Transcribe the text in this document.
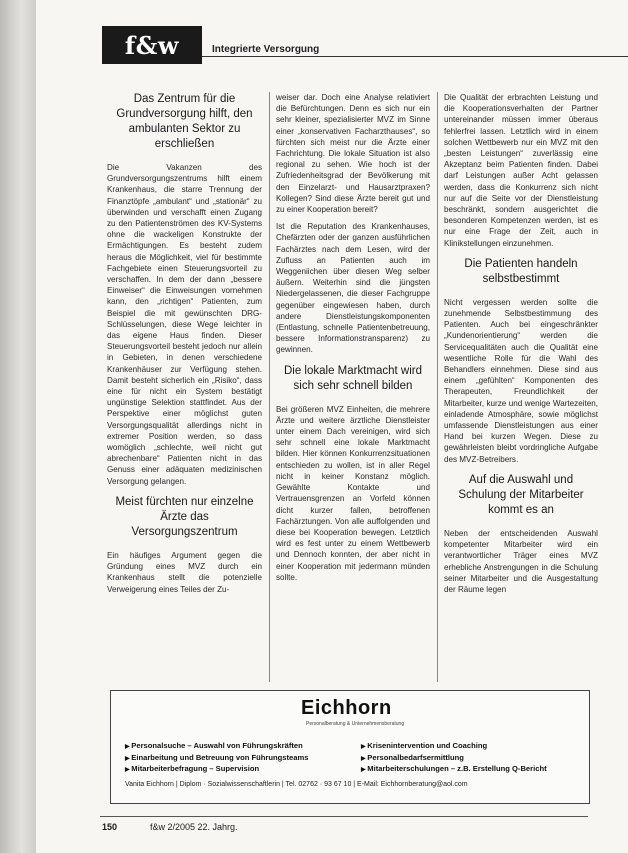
f&w	Integrierte Versorgung
Das Zentrum für die Grundversorgung hilft, den ambulanten Sektor zu erschließen

Die Vakanzen des Grundversorgungszentrums hilft einem Krankenhaus, die starre Trennung der Finanztöpfe „ambulant“ und „stationär“ zu überwinden und verschafft einen Zugang zu den Patientenströmen des KV-Systems ohne die wackeligen Konstrukte der Ermächtigungen. Es besteht zudem heraus die Möglichkeit, viel für bestimmte Fachgebiete einen Steuerungsvorteil zu verschaffen. In dem der dann „bessere Einweiser“ die Einweisungen vornehmen kann, den „richtigen“ Patienten, zum Beispiel die mit gewünschten DRG-Schlüsselungen, diese Wege leichter in das eigene Haus finden. Dieser Steuerungsvorteil besteht jedoch nur allein in Gebieten, in denen verschiedene Krankenhäuser zur Verfügung stehen. Damit besteht sicherlich ein „Risiko“, dass eine für nicht ein System bestätigt ungünstige Selektion stattfindet. Aus der Perspektive einer möglichst guten Versorgungsqualität allerdings nicht in extremer Position werden, so dass womöglich „schlechte, weil nicht gut abrechenbare“ Patienten nicht in das Genuss einer adäquaten medizinischen Versorgung gelangen.

Meist fürchten nur einzelne Ärzte das Versorgungszentrum

Ein häufiges Argument gegen die Gründung eines MVZ durch ein Krankenhaus stellt die potenzielle Verweigerung eines Teiles der Zu-

weiser dar. Doch eine Analyse relativiert die Befürchtungen. Denn es sich nur ein sehr kleiner, spezialisierter MVZ im Sinne einer „konservativen Facharzthauses“, so fürchten sich meist nur die Ärzte einer Fachrichtung. Die lokale Situation ist also regional zu sehen. Wie hoch ist der Zufriedenheitsgrad der Bevölkerung mit den Einzelarzt- und Hausarztpraxen? Kollegen? Sind diese Ärzte bereit gut und zu einer Kooperation bereit?

Ist die Reputation des Krankenhauses, Chefärzten oder der ganzen ausführlichen Fachärztes nach dem Lesen, wird der Zufluss an Patienten auch im Weggeniichen über diesen Weg selber äußern. Weiterhin sind die jüngsten Niedergelassenen, die dieser Fachgruppe gegenüber eingewiesen haben, durch andere Dienstleistungskomponenten (Entlastung, schnelle Patientenbetreuung, bessere Informationstransparenz) zu gewinnen.

Die lokale Marktmacht wird sich sehr schnell bilden

Bei größeren MVZ Einheiten, die mehrere Ärzte und weitere ärztliche Dienstleister unter einem Dach vereinigen, wird sich sehr schnell eine lokale Marktmacht bilden. Hier können Konkurrenzsituationen entschieden zu wollen, ist in aller Regel nicht in keiner Konstanz möglich. Gewählte Kontakte und Vertrauensgrenzen an Vorfeld können dicht kurzer fallen, betroffenen Fachärztungen. Von alle auffolgenden und diese bei Kooperation bewegen. Letztlich wird es fest unter zu einem Wettbewerb und Dennoch konnten, der aber nicht in einer Kooperation mit jedermann münden sollte.

Die Qualität der erbrachten Leistung und die Kooperationsverhalten der Partner untereinander müssen immer überaus fehlerfrei lassen. Letztlich wird in einem solchen Wettbewerb nur ein MVZ mit den „besten Leistungen“ zuverlässig eine Akzeptanz beim Patienten finden. Dabei darf Leistungen außer Acht gelassen werden, dass die Konkurrenz sich nicht nur auf die Seite vor der Dienstleistung beschränkt, sondern ausgerichtet die besonderen Kompetenzen werden, ist es nur eine Frage der Zeit, auch in Klinikstellungen einzunehmen.

Die Patienten handeln selbstbestimmt

Nicht vergessen werden sollte die zunehmende Selbstbestimmung des Patienten. Auch bei eingeschränkter „Kundenorientierung“ werden die Servicequalitäten auch die Qualität eine wesentliche Rolle für die Wahl des Behandlers einnehmen. Diese sind aus einem „gefühlten“ Komponenten des Therapeuten, Freundlichkeit der Mitarbeiter, kurze und wenige Wartezeiten, einladende Atmosphäre, sowie möglichst umfassende Dienstleistungen aus einer Hand bei kurzen Wegen. Diese zu gewährleisten bleibt vordringliche Aufgabe des MVZ-Betreibers.

Auf die Auswahl und Schulung der Mitarbeiter kommt es an

Neben der entscheidenden Auswahl kompetenter Mitarbeiter wird ein verantwortlicher Träger eines MVZ erhebliche Anstrengungen in die Schulung seiner Mitarbeiter und die Ausgestaltung der Räume legen

Eichhorn
Personalberatung & Unternehmensberatung
▶ Personalsuche – Auswahl von Führungskräften
▶ Einarbeitung und Betreuung von Führungsteams
▶ Mitarbeiterbefragung – Supervision
▶ Krisenintervention und Coaching
▶ Personalbedarfsermittlung
▶ Mitarbeiterschulungen – z.B. Erstellung Q-Bericht
Vanita Eichhorn | Diplom · Sozialwissenschaftlerin | Tel. 02762 · 93 67 10 | E-Mail: Eichhornberatung@aol.com
150	f&w 2/2005 22. Jahrg.
